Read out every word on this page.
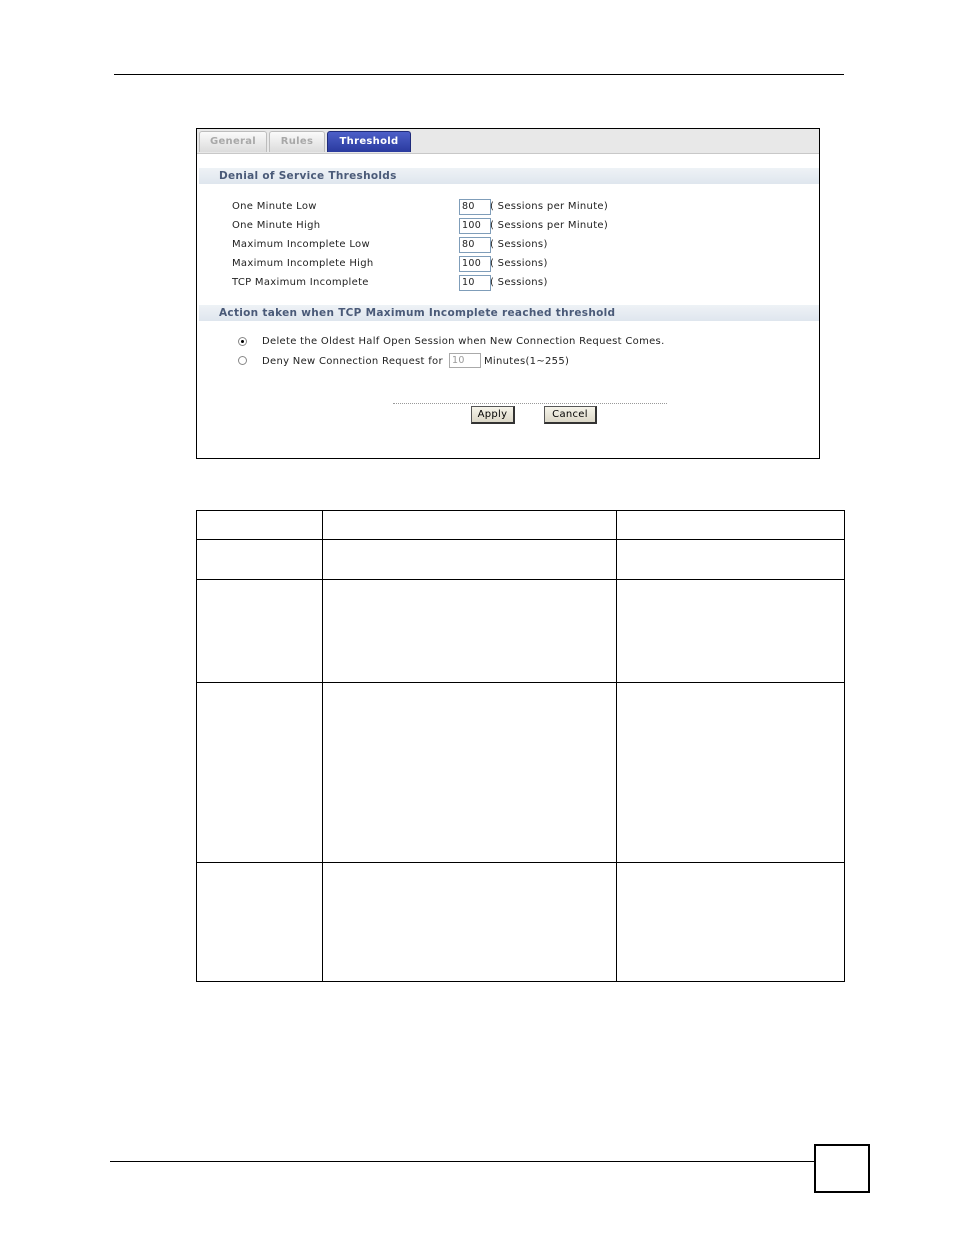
General	Rules	Threshold
Denial of Service Thresholds
One Minute Low	80	( Sessions per Minute)
One Minute High	100 ( Sessions per Minute)
Maximum Incomplete Low	80	( Sessions)
Maximum Incomplete High	100 ( Sessions)
TCP Maximum Incomplete	10	( Sessions)
Action taken when TCP Maximum Incomplete reached threshold
Delete the Oldest Half Open Session when New Connection Request Comes.
Deny New Connection Request for 10	Minutes(1~255)
Apply	Cancel
